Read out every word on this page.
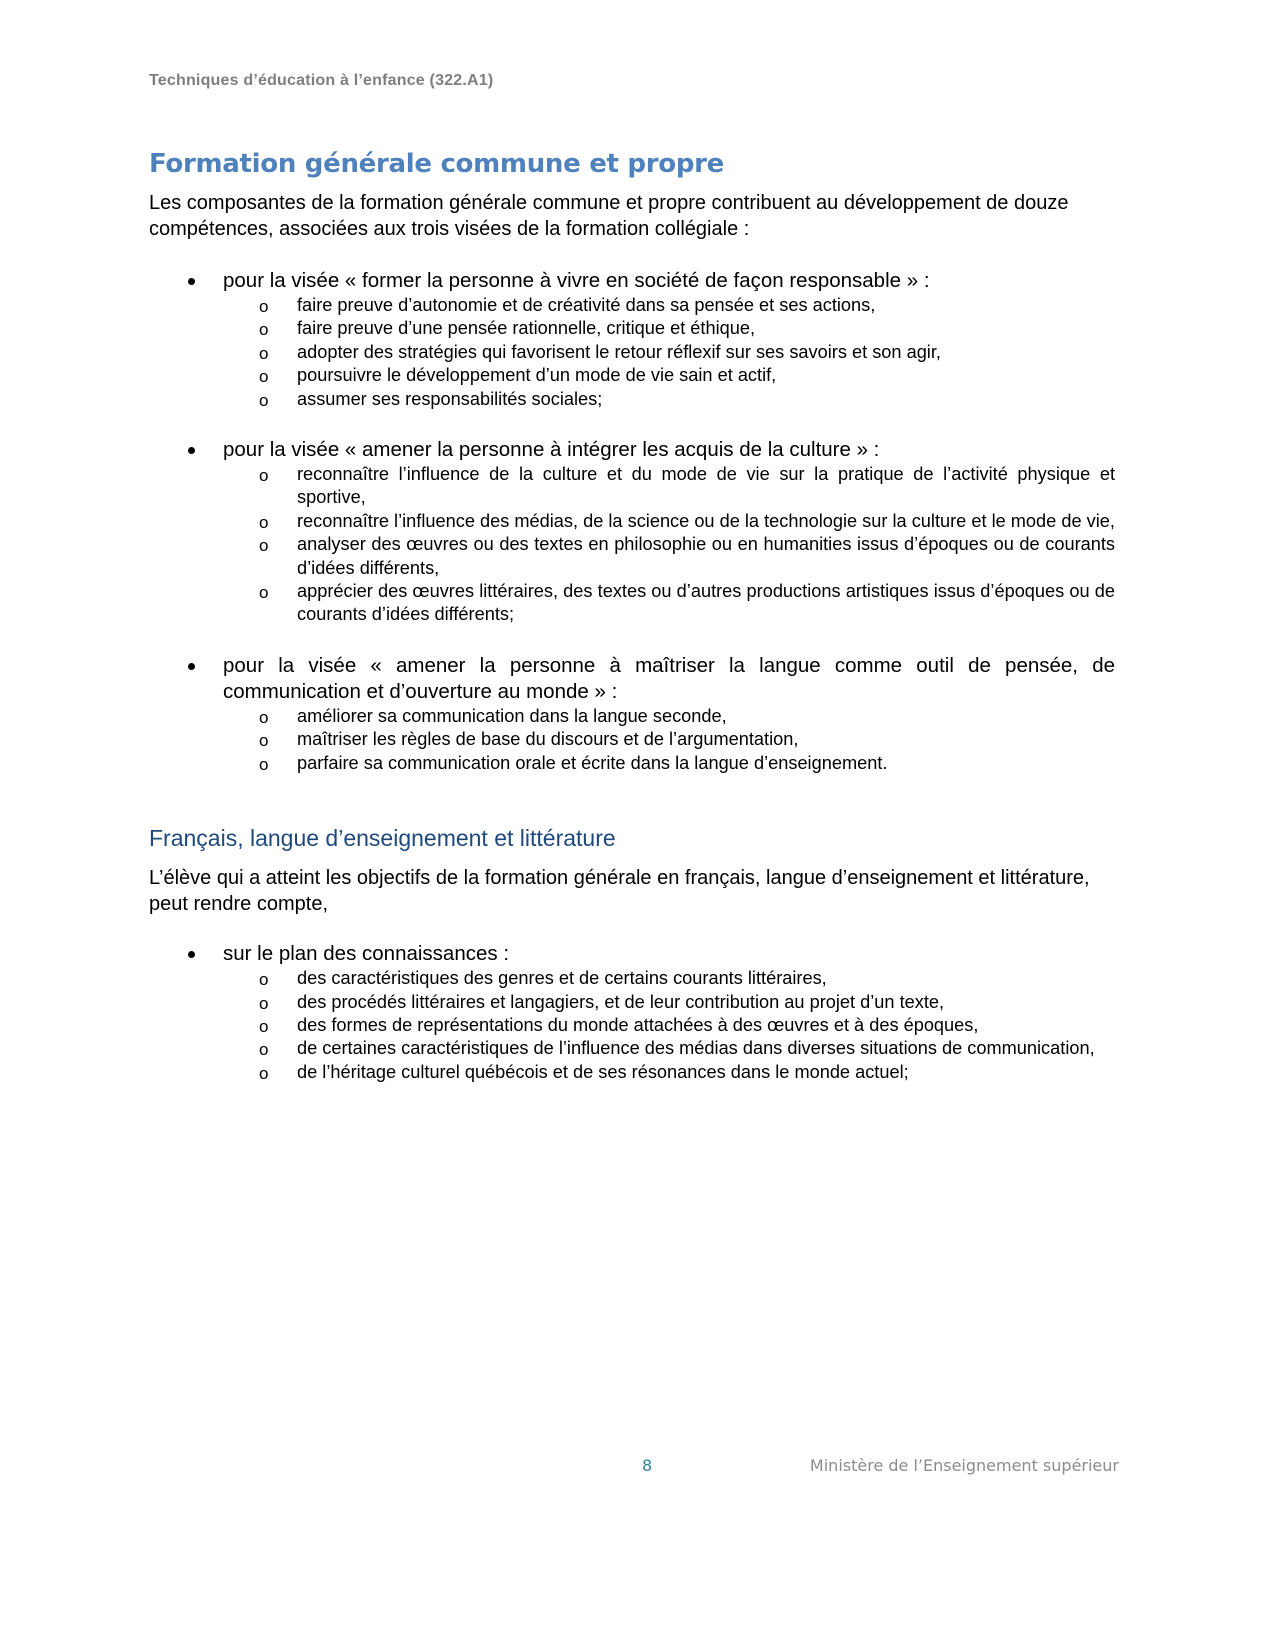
Techniques d’éducation à l’enfance (322.A1)
Formation générale commune et propre

Les composantes de la formation générale commune et propre contribuent au développement de douze compétences, associées aux trois visées de la formation collégiale :

pour la visée « former la personne à vivre en société de façon responsable » :
o faire preuve d’autonomie et de créativité dans sa pensée et ses actions,
o faire preuve d’une pensée rationnelle, critique et éthique,
o adopter des stratégies qui favorisent le retour réflexif sur ses savoirs et son agir,
o poursuivre le développement d’un mode de vie sain et actif,
o assumer ses responsabilités sociales;
pour la visée « amener la personne à intégrer les acquis de la culture » :
o reconnaître l’influence de la culture et du mode de vie sur la pratique de l’activité physique et sportive,
o reconnaître l’influence des médias, de la science ou de la technologie sur la culture et le mode de vie,
o analyser des œuvres ou des textes en philosophie ou en humanities issus d’époques ou de courants d’idées différents,
o apprécier des œuvres littéraires, des textes ou d’autres productions artistiques issus d’époques ou de courants d’idées différents;
pour la visée « amener la personne à maîtriser la langue comme outil de pensée, de communication et d’ouverture au monde » :
o améliorer sa communication dans la langue seconde,
o maîtriser les règles de base du discours et de l’argumentation,
o parfaire sa communication orale et écrite dans la langue d’enseignement.
Français, langue d’enseignement et littérature

L’élève qui a atteint les objectifs de la formation générale en français, langue d’enseignement et littérature, peut rendre compte,

sur le plan des connaissances :
o des caractéristiques des genres et de certains courants littéraires,
o des procédés littéraires et langagiers, et de leur contribution au projet d’un texte,
o des formes de représentations du monde attachées à des œuvres et à des époques,
o de certaines caractéristiques de l’influence des médias dans diverses situations de communication,
o de l’héritage culturel québécois et de ses résonances dans le monde actuel;
8	Ministère de l’Enseignement supérieur
